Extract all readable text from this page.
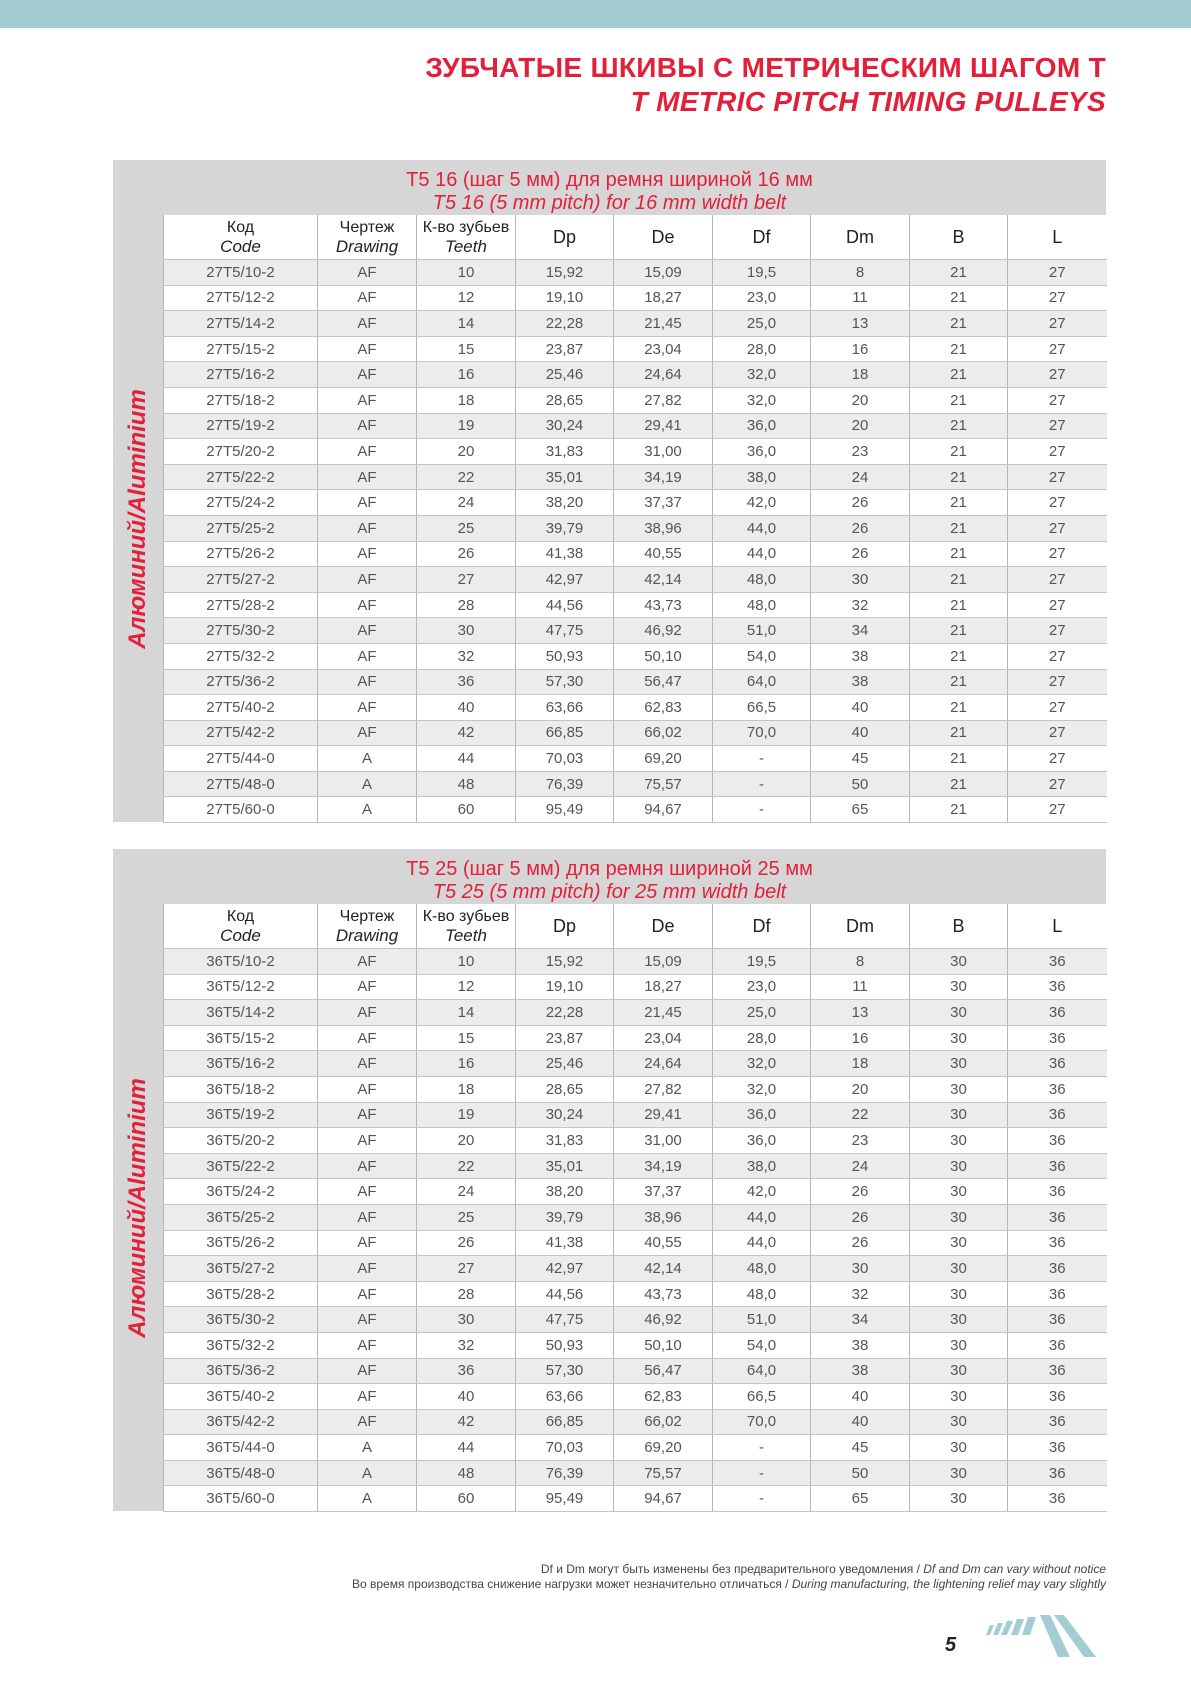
ЗУБЧАТЫЕ ШКИВЫ С МЕТРИЧЕСКИМ ШАГОМ Т
T METRIC PITCH TIMING PULLEYS
Т5 16 (шаг 5 мм) для ремня шириной 16 мм
T5 16 (5 mm pitch) for 16 mm width belt
Алюминий/Aluminium
Код
Code	Чертеж
Drawing	К-во зубьев
Teeth	Dp	De	Df	Dm	B	L
27T5/10-2	AF	10	15,92	15,09	19,5	8	21	27
27T5/12-2	AF	12	19,10	18,27	23,0	11	21	27
27T5/14-2	AF	14	22,28	21,45	25,0	13	21	27
27T5/15-2	AF	15	23,87	23,04	28,0	16	21	27
27T5/16-2	AF	16	25,46	24,64	32,0	18	21	27
27T5/18-2	AF	18	28,65	27,82	32,0	20	21	27
27T5/19-2	AF	19	30,24	29,41	36,0	20	21	27
27T5/20-2	AF	20	31,83	31,00	36,0	23	21	27
27T5/22-2	AF	22	35,01	34,19	38,0	24	21	27
27T5/24-2	AF	24	38,20	37,37	42,0	26	21	27
27T5/25-2	AF	25	39,79	38,96	44,0	26	21	27
27T5/26-2	AF	26	41,38	40,55	44,0	26	21	27
27T5/27-2	AF	27	42,97	42,14	48,0	30	21	27
27T5/28-2	AF	28	44,56	43,73	48,0	32	21	27
27T5/30-2	AF	30	47,75	46,92	51,0	34	21	27
27T5/32-2	AF	32	50,93	50,10	54,0	38	21	27
27T5/36-2	AF	36	57,30	56,47	64,0	38	21	27
27T5/40-2	AF	40	63,66	62,83	66,5	40	21	27
27T5/42-2	AF	42	66,85	66,02	70,0	40	21	27
27T5/44-0	A	44	70,03	69,20	-	45	21	27
27T5/48-0	A	48	76,39	75,57	-	50	21	27
27T5/60-0	A	60	95,49	94,67	-	65	21	27
Т5 25 (шаг 5 мм) для ремня шириной 25 мм
T5 25 (5 mm pitch) for 25 mm width belt
Алюминий/Aluminium
Код
Code	Чертеж
Drawing	К-во зубьев
Teeth	Dp	De	Df	Dm	B	L
36T5/10-2	AF	10	15,92	15,09	19,5	8	30	36
36T5/12-2	AF	12	19,10	18,27	23,0	11	30	36
36T5/14-2	AF	14	22,28	21,45	25,0	13	30	36
36T5/15-2	AF	15	23,87	23,04	28,0	16	30	36
36T5/16-2	AF	16	25,46	24,64	32,0	18	30	36
36T5/18-2	AF	18	28,65	27,82	32,0	20	30	36
36T5/19-2	AF	19	30,24	29,41	36,0	22	30	36
36T5/20-2	AF	20	31,83	31,00	36,0	23	30	36
36T5/22-2	AF	22	35,01	34,19	38,0	24	30	36
36T5/24-2	AF	24	38,20	37,37	42,0	26	30	36
36T5/25-2	AF	25	39,79	38,96	44,0	26	30	36
36T5/26-2	AF	26	41,38	40,55	44,0	26	30	36
36T5/27-2	AF	27	42,97	42,14	48,0	30	30	36
36T5/28-2	AF	28	44,56	43,73	48,0	32	30	36
36T5/30-2	AF	30	47,75	46,92	51,0	34	30	36
36T5/32-2	AF	32	50,93	50,10	54,0	38	30	36
36T5/36-2	AF	36	57,30	56,47	64,0	38	30	36
36T5/40-2	AF	40	63,66	62,83	66,5	40	30	36
36T5/42-2	AF	42	66,85	66,02	70,0	40	30	36
36T5/44-0	A	44	70,03	69,20	-	45	30	36
36T5/48-0	A	48	76,39	75,57	-	50	30	36
36T5/60-0	A	60	95,49	94,67	-	65	30	36
Df и Dm могут быть изменены без предварительного уведомления / Df and Dm can vary without notice
Во время производства снижение нагрузки может незначительно отличаться / During manufacturing, the lightening relief may vary slightly
5
